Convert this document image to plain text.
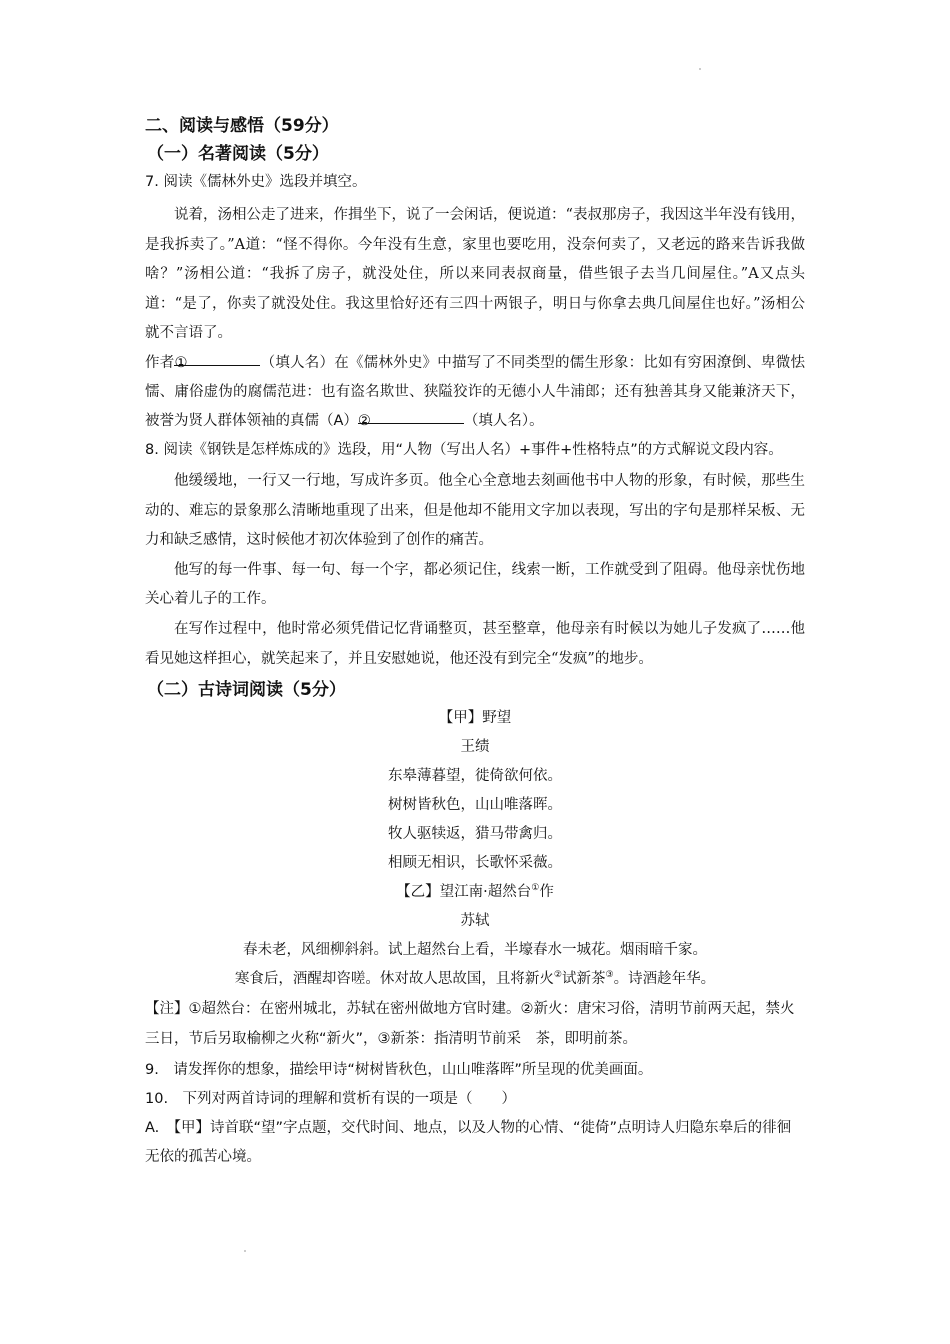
二、阅读与感悟（59分）

（一）名著阅读（5分）

7. 阅读《儒林外史》选段并填空。

说着，汤相公走了进来，作揖坐下，说了一会闲话，便说道：“表叔那房子，我因这半年没有钱用，是我拆卖了。”A道：“怪不得你。今年没有生意，家里也要吃用，没奈何卖了，又老远的路来告诉我做啥？”汤相公道：“我拆了房子，就没处住，所以来同表叔商量，借些银子去当几间屋住。”A又点头道：“是了，你卖了就没处住。我这里恰好还有三四十两银子，明日与你拿去典几间屋住也好。”汤相公就不言语了。

作者①	（填人名）在《儒林外史》中描写了不同类型的儒生形象：比如有穷困潦倒、卑微怯懦、庸俗虚伪的腐儒范进：也有盗名欺世、狭隘狡诈的无德小人牛浦郎；还有独善其身又能兼济天下，被誉为贤人群体领袖的真儒（A）②	（填人名）。

8. 阅读《钢铁是怎样炼成的》选段，用“人物（写出人名）+事件+性格特点”的方式解说文段内容。

他缓缓地，一行又一行地，写成许多页。他全心全意地去刻画他书中人物的形象，有时候，那些生动的、难忘的景象那么清晰地重现了出来，但是他却不能用文字加以表现，写出的字句是那样呆板、无力和缺乏感情，这时候他才初次体验到了创作的痛苦。

他写的每一件事、每一句、每一个字，都必须记住，线索一断，工作就受到了阻碍。他母亲忧伤地关心着儿子的工作。

在写作过程中，他时常必须凭借记忆背诵整页，甚至整章，他母亲有时候以为她儿子发疯了……他看见她这样担心，就笑起来了，并且安慰她说，他还没有到完全“发疯”的地步。

（二）古诗词阅读（5分）

【甲】野望

王绩

东皋薄暮望，徙倚欲何依。

树树皆秋色，山山唯落晖。

牧人驱犊返，猎马带禽归。

相顾无相识，长歌怀采薇。

【乙】望江南·超然台①作

苏轼

春未老，风细柳斜斜。试上超然台上看，半壕春水一城花。烟雨暗千家。

寒食后，酒醒却咨嗟。休对故人思故国，且将新火②试新茶③。诗酒趁年华。

【注】①超然台：在密州城北，苏轼在密州做地方官时建。②新火：唐宋习俗，清明节前两天起，禁火三日，节后另取榆柳之火称“新火”，③新茶：指清明节前采　茶，即明前茶。

9.　请发挥你的想象，描绘甲诗“树树皆秋色，山山唯落晖”所呈现的优美画面。

10.　下列对两首诗词的理解和赏析有误的一项是（　　）

A.　【甲】诗首联“望”字点题，交代时间、地点，以及人物的心情、“徙倚”点明诗人归隐东皋后的徘徊无依的孤苦心境。
